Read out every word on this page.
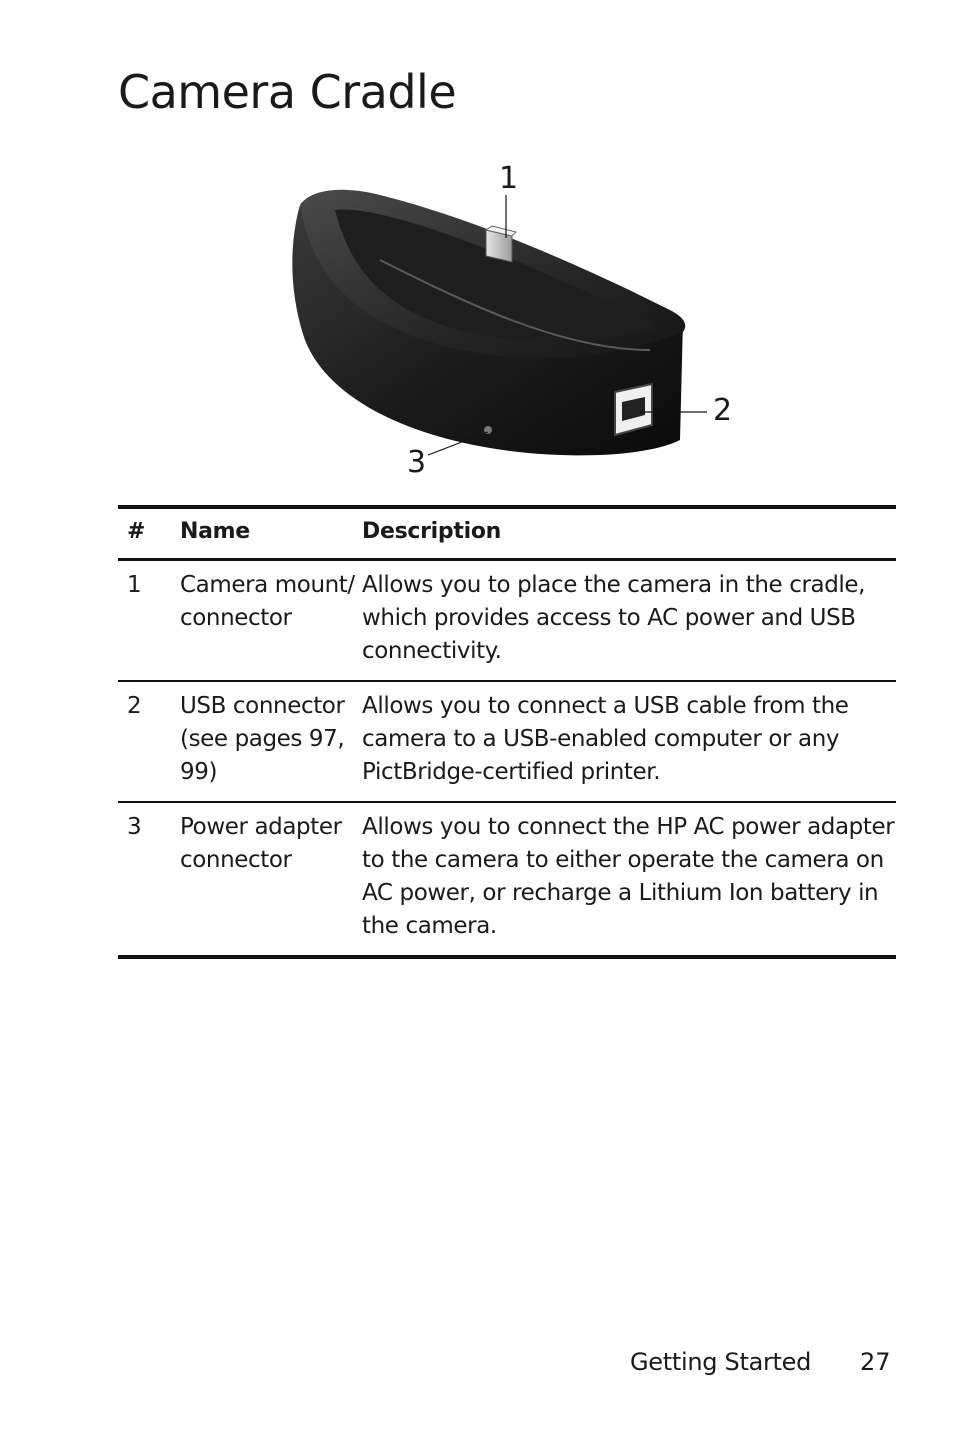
Camera Cradle
1
2
3
#	Name	Description
1	Camera mount/ connector	Allows you to place the camera in the cradle, which provides access to AC power and USB connectivity.
2	USB connector (see pages 97, 99)	Allows you to connect a USB cable from the camera to a USB-enabled computer or any PictBridge-certified printer.
3	Power adapter connector	Allows you to connect the HP AC power adapter to the camera to either operate the camera on AC power, or recharge a Lithium Ion battery in the camera.
Getting Started 27
